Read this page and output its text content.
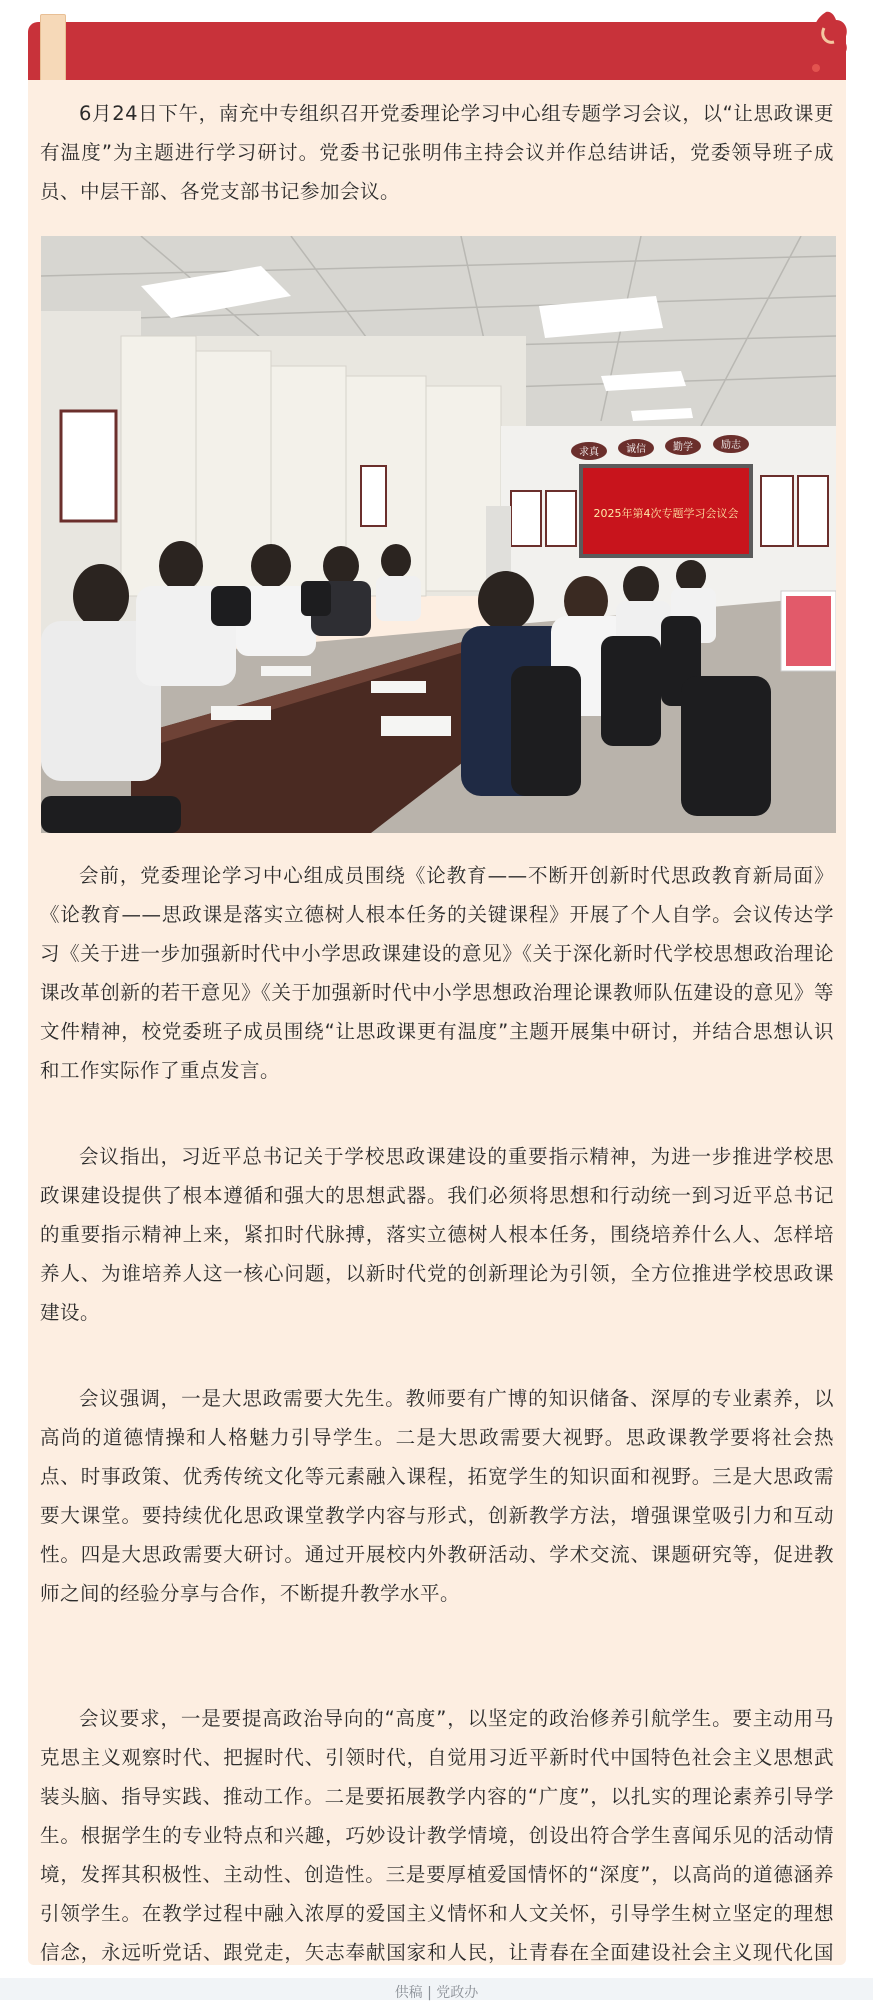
6月24日下午，南充中专组织召开党委理论学习中心组专题学习会议，以“让思政课更有温度”为主题进行学习研讨。党委书记张明伟主持会议并作总结讲话，党委领导班子成员、中层干部、各党支部书记参加会议。

2025年第4次专题学习会议会
求真	诚信	勤学	励志

会前，党委理论学习中心组成员围绕《论教育——不断开创新时代思政教育新局面》《论教育——思政课是落实立德树人根本任务的关键课程》开展了个人自学。会议传达学习《关于进一步加强新时代中小学思政课建设的意见》《关于深化新时代学校思想政治理论课改革创新的若干意见》《关于加强新时代中小学思想政治理论课教师队伍建设的意见》等文件精神，校党委班子成员围绕“让思政课更有温度”主题开展集中研讨，并结合思想认识和工作实际作了重点发言。

会议指出，习近平总书记关于学校思政课建设的重要指示精神，为进一步推进学校思政课建设提供了根本遵循和强大的思想武器。我们必须将思想和行动统一到习近平总书记的重要指示精神上来，紧扣时代脉搏，落实立德树人根本任务，围绕培养什么人、怎样培养人、为谁培养人这一核心问题，以新时代党的创新理论为引领，全方位推进学校思政课建设。

会议强调，一是大思政需要大先生。教师要有广博的知识储备、深厚的专业素养，以高尚的道德情操和人格魅力引导学生。二是大思政需要大视野。思政课教学要将社会热点、时事政策、优秀传统文化等元素融入课程，拓宽学生的知识面和视野。三是大思政需要大课堂。要持续优化思政课堂教学内容与形式，创新教学方法，增强课堂吸引力和互动性。四是大思政需要大研讨。通过开展校内外教研活动、学术交流、课题研究等，促进教师之间的经验分享与合作，不断提升教学水平。

会议要求，一是要提高政治导向的“高度”，以坚定的政治修养引航学生。要主动用马克思主义观察时代、把握时代、引领时代，自觉用习近平新时代中国特色社会主义思想武装头脑、指导实践、推动工作。二是要拓展教学内容的“广度”，以扎实的理论素养引导学生。根据学生的专业特点和兴趣，巧妙设计教学情境，创设出符合学生喜闻乐见的活动情境，发挥其积极性、主动性、创造性。三是要厚植爱国情怀的“深度”，以高尚的道德涵养引领学生。在教学过程中融入浓厚的爱国主义情怀和人文关怀，引导学生树立坚定的理想信念，永远听党话、跟党走，矢志奉献国家和人民，让青春在全面建设社会主义现代化国

供稿 | 党政办
